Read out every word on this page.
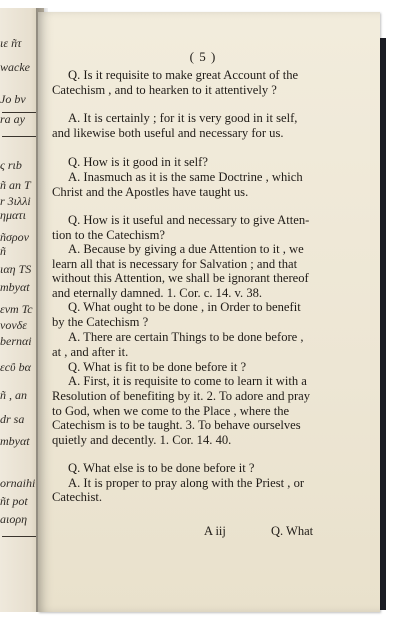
ιε ñτ
wacke
Jo bv
ra ay
ς rιb
ñ an T
r 3ιλλi
ηματι
ñσρον
ñ
ιαη ΤS
mbyαt
εvm Tc
νονδε
bernαi
εcΰ bα
ñ , an
dr sa
mbyαt
ornaihi
ñt pot
aιορη
( 5 )
Q. Is it requisite to make great Account of the
Catechism , and to hearken to it attentively ?
A. It is certainly ; for it is very good in it self,
and likewise both useful and necessary for us.
Q. How is it good in it self?
A. Inasmuch as it is the same Doctrine , which
Christ and the Apostles have taught us.
Q. How is it useful and necessary to give Atten-
tion to the Catechism?
A. Because by giving a due Attention to it , we
learn all that is necessary for Salvation ; and that
without this Attention, we shall be ignorant thereof
and eternally damned. 1. Cor. c. 14. v. 38.
Q. What ought to be done , in Order to benefit
by the Catechism ?
A. There are certain Things to be done before ,
at , and after it.
Q. What is fit to be done before it ?
A. First, it is requisite to come to learn it with a
Resolution of benefiting by it. 2. To adore and pray
to God, when we come to the Place , where the
Catechism is to be taught. 3. To behave ourselves
quietly and decently. 1. Cor. 14. 40.
Q. What else is to be done before it ?
A. It is proper to pray along with the Priest , or
Catechist.
A iij	Q. What
